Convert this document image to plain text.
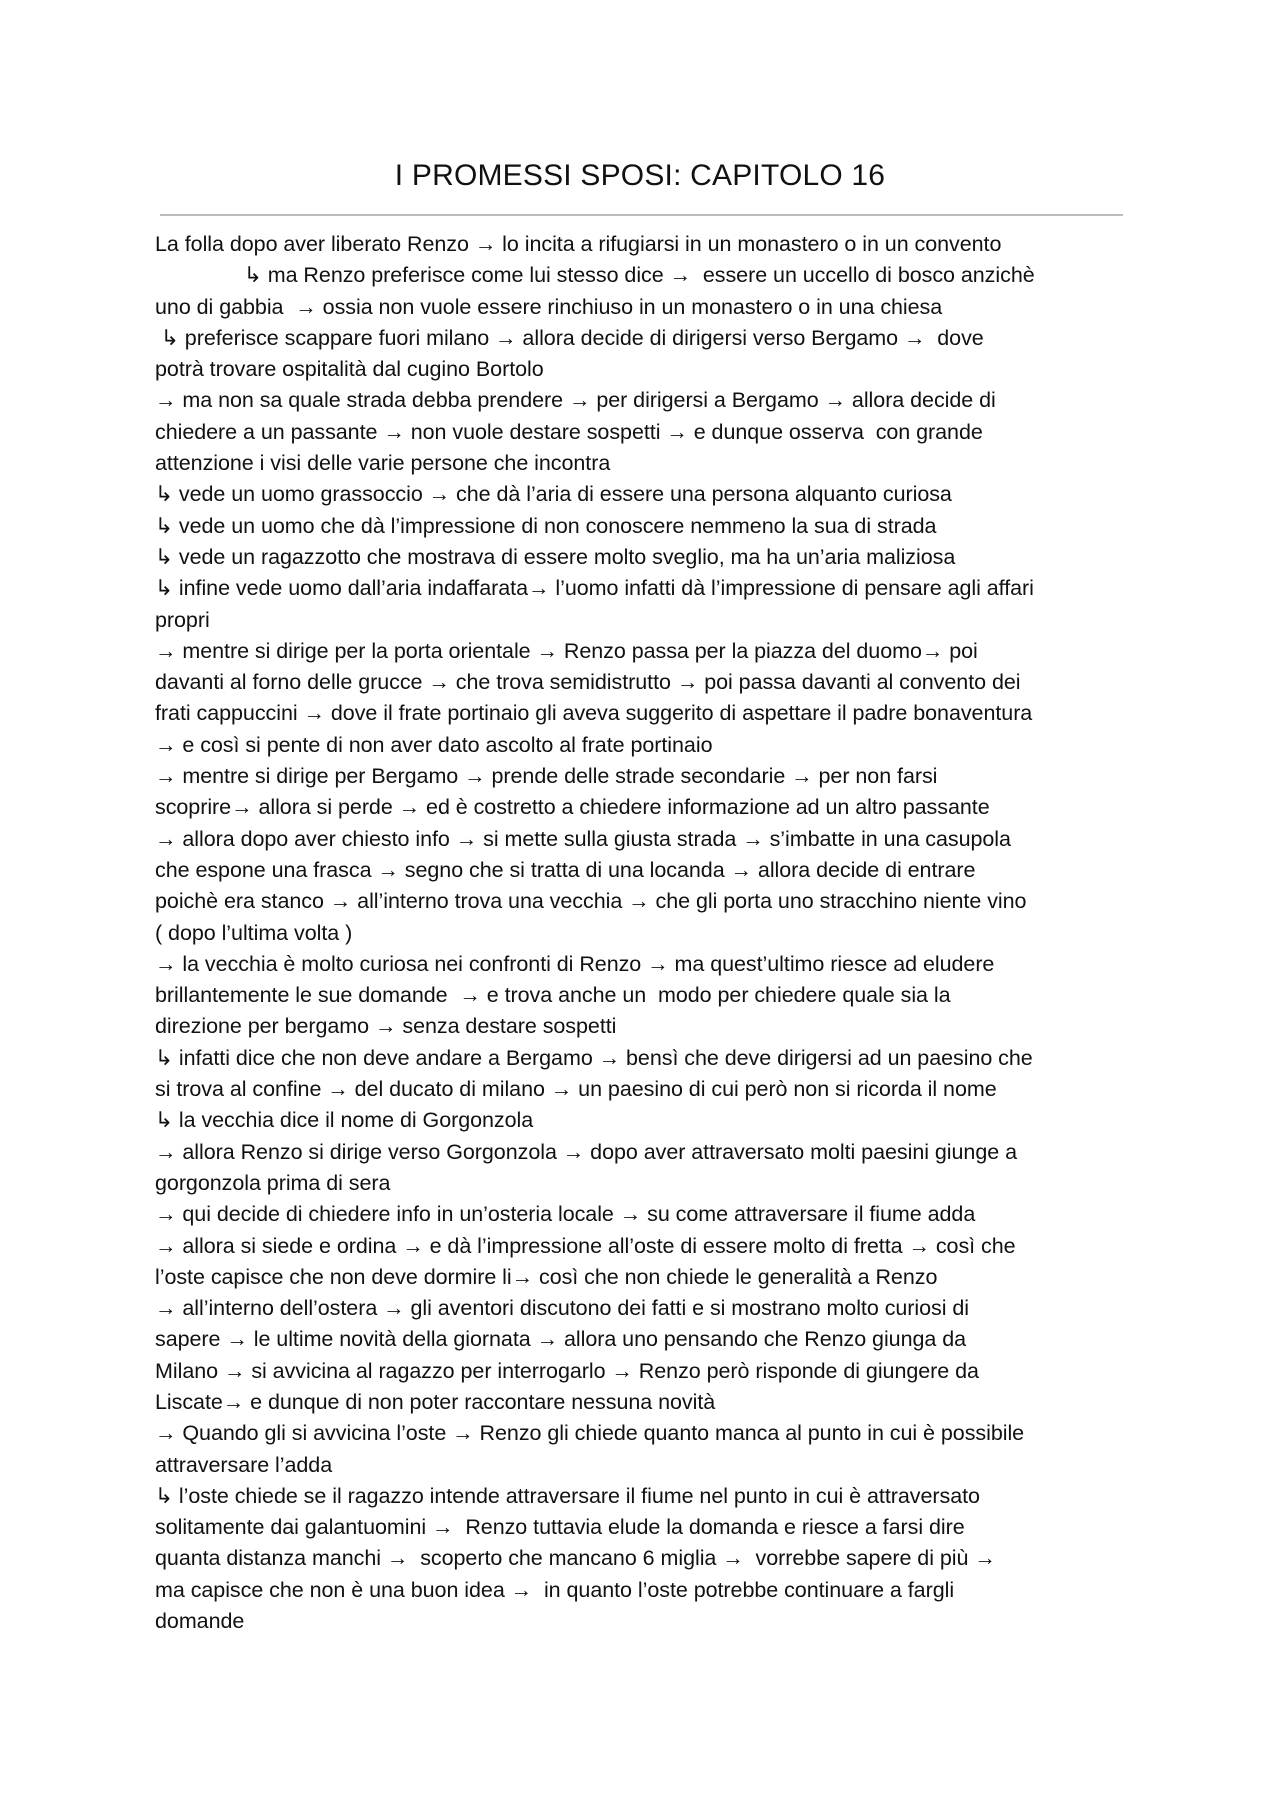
I PROMESSI SPOSI: CAPITOLO 16
La folla dopo aver liberato Renzo → lo incita a rifugiarsi in un monastero o in un convento
↳ ma Renzo preferisce come lui stesso dice →  essere un uccello di bosco anzichè
uno di gabbia  → ossia non vuole essere rinchiuso in un monastero o in una chiesa
↳ preferisce scappare fuori milano → allora decide di dirigersi verso Bergamo →  dove
potrà trovare ospitalità dal cugino Bortolo
→ ma non sa quale strada debba prendere → per dirigersi a Bergamo → allora decide di
chiedere a un passante → non vuole destare sospetti → e dunque osserva  con grande
attenzione i visi delle varie persone che incontra
↳ vede un uomo grassoccio → che dà l’aria di essere una persona alquanto curiosa
↳ vede un uomo che dà l’impressione di non conoscere nemmeno la sua di strada
↳ vede un ragazzotto che mostrava di essere molto sveglio, ma ha un’aria maliziosa
↳ infine vede uomo dall’aria indaffarata→ l’uomo infatti dà l’impressione di pensare agli affari
propri
→ mentre si dirige per la porta orientale → Renzo passa per la piazza del duomo→ poi
davanti al forno delle grucce → che trova semidistrutto → poi passa davanti al convento dei
frati cappuccini → dove il frate portinaio gli aveva suggerito di aspettare il padre bonaventura
→ e così si pente di non aver dato ascolto al frate portinaio
→ mentre si dirige per Bergamo → prende delle strade secondarie → per non farsi
scoprire→ allora si perde → ed è costretto a chiedere informazione ad un altro passante
→ allora dopo aver chiesto info → si mette sulla giusta strada → s’imbatte in una casupola
che espone una frasca → segno che si tratta di una locanda → allora decide di entrare
poichè era stanco → all’interno trova una vecchia → che gli porta uno stracchino niente vino
( dopo l’ultima volta )
→ la vecchia è molto curiosa nei confronti di Renzo → ma quest’ultimo riesce ad eludere
brillantemente le sue domande  → e trova anche un  modo per chiedere quale sia la
direzione per bergamo → senza destare sospetti
↳ infatti dice che non deve andare a Bergamo → bensì che deve dirigersi ad un paesino che
si trova al confine → del ducato di milano → un paesino di cui però non si ricorda il nome
↳ la vecchia dice il nome di Gorgonzola
→ allora Renzo si dirige verso Gorgonzola → dopo aver attraversato molti paesini giunge a
gorgonzola prima di sera
→ qui decide di chiedere info in un’osteria locale → su come attraversare il fiume adda
→ allora si siede e ordina → e dà l’impressione all’oste di essere molto di fretta → così che
l’oste capisce che non deve dormire li→ così che non chiede le generalità a Renzo
→ all’interno dell’ostera → gli aventori discutono dei fatti e si mostrano molto curiosi di
sapere → le ultime novità della giornata → allora uno pensando che Renzo giunga da
Milano → si avvicina al ragazzo per interrogarlo → Renzo però risponde di giungere da
Liscate→ e dunque di non poter raccontare nessuna novità
→ Quando gli si avvicina l’oste → Renzo gli chiede quanto manca al punto in cui è possibile
attraversare l’adda
↳ l’oste chiede se il ragazzo intende attraversare il fiume nel punto in cui è attraversato
solitamente dai galantuomini →  Renzo tuttavia elude la domanda e riesce a farsi dire
quanta distanza manchi →  scoperto che mancano 6 miglia →  vorrebbe sapere di più →
ma capisce che non è una buon idea →  in quanto l’oste potrebbe continuare a fargli
domande
